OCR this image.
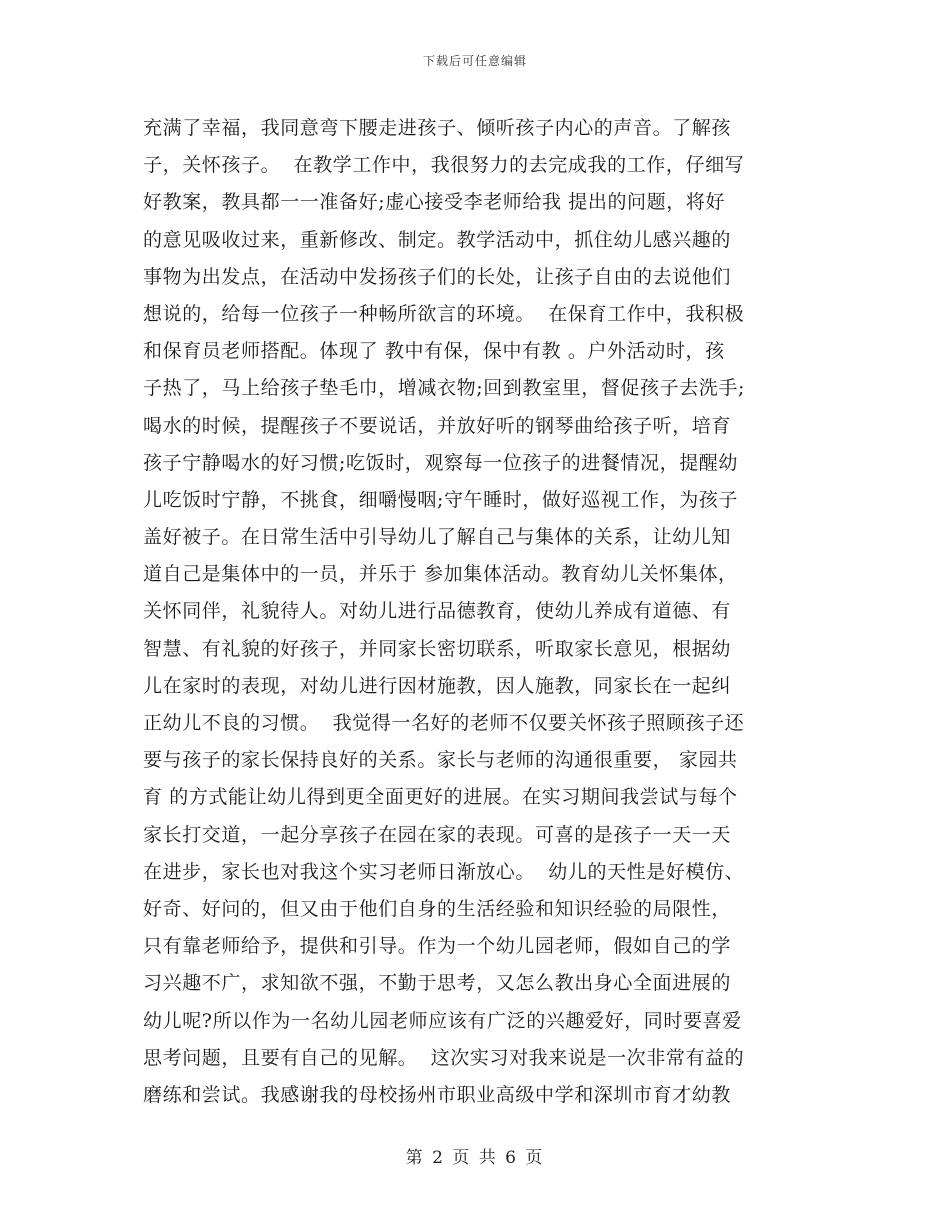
下载后可任意编辑
充满了幸福，我同意弯下腰走进孩子、倾听孩子内心的声音。了解孩
子，关怀孩子。  在教学工作中，我很努力的去完成我的工作，仔细写
好教案，教具都一一准备好;虚心接受李老师给我 提出的问题，将好
的意见吸收过来，重新修改、制定。教学活动中，抓住幼儿感兴趣的
事物为出发点，在活动中发扬孩子们的长处，让孩子自由的去说他们
想说的，给每一位孩子一种畅所欲言的环境。  在保育工作中，我积极
和保育员老师搭配。体现了 教中有保，保中有教 。户外活动时，孩
子热了，马上给孩子垫毛巾，增减衣物;回到教室里，督促孩子去洗手;
喝水的时候，提醒孩子不要说话，并放好听的钢琴曲给孩子听，培育
孩子宁静喝水的好习惯;吃饭时，观察每一位孩子的进餐情况，提醒幼
儿吃饭时宁静，不挑食，细嚼慢咽;守午睡时，做好巡视工作，为孩子
盖好被子。在日常生活中引导幼儿了解自己与集体的关系，让幼儿知
道自己是集体中的一员，并乐于 参加集体活动。教育幼儿关怀集体，
关怀同伴，礼貌待人。对幼儿进行品德教育，使幼儿养成有道德、有
智慧、有礼貌的好孩子，并同家长密切联系，听取家长意见，根据幼
儿在家时的表现，对幼儿进行因材施教，因人施教，同家长在一起纠
正幼儿不良的习惯。  我觉得一名好的老师不仅要关怀孩子照顾孩子还
要与孩子的家长保持良好的关系。家长与老师的沟通很重要， 家园共
育 的方式能让幼儿得到更全面更好的进展。在实习期间我尝试与每个
家长打交道，一起分享孩子在园在家的表现。可喜的是孩子一天一天
在进步，家长也对我这个实习老师日渐放心。  幼儿的天性是好模仿、
好奇、好问的，但又由于他们自身的生活经验和知识经验的局限性，
只有靠老师给予，提供和引导。作为一个幼儿园老师，假如自己的学
习兴趣不广，求知欲不强，不勤于思考，又怎么教出身心全面进展的
幼儿呢?所以作为一名幼儿园老师应该有广泛的兴趣爱好，同时要喜爱
思考问题，且要有自己的见解。  这次实习对我来说是一次非常有益的
磨练和尝试。我感谢我的母校扬州市职业高级中学和深圳市育才幼教
第 2 页 共 6 页
